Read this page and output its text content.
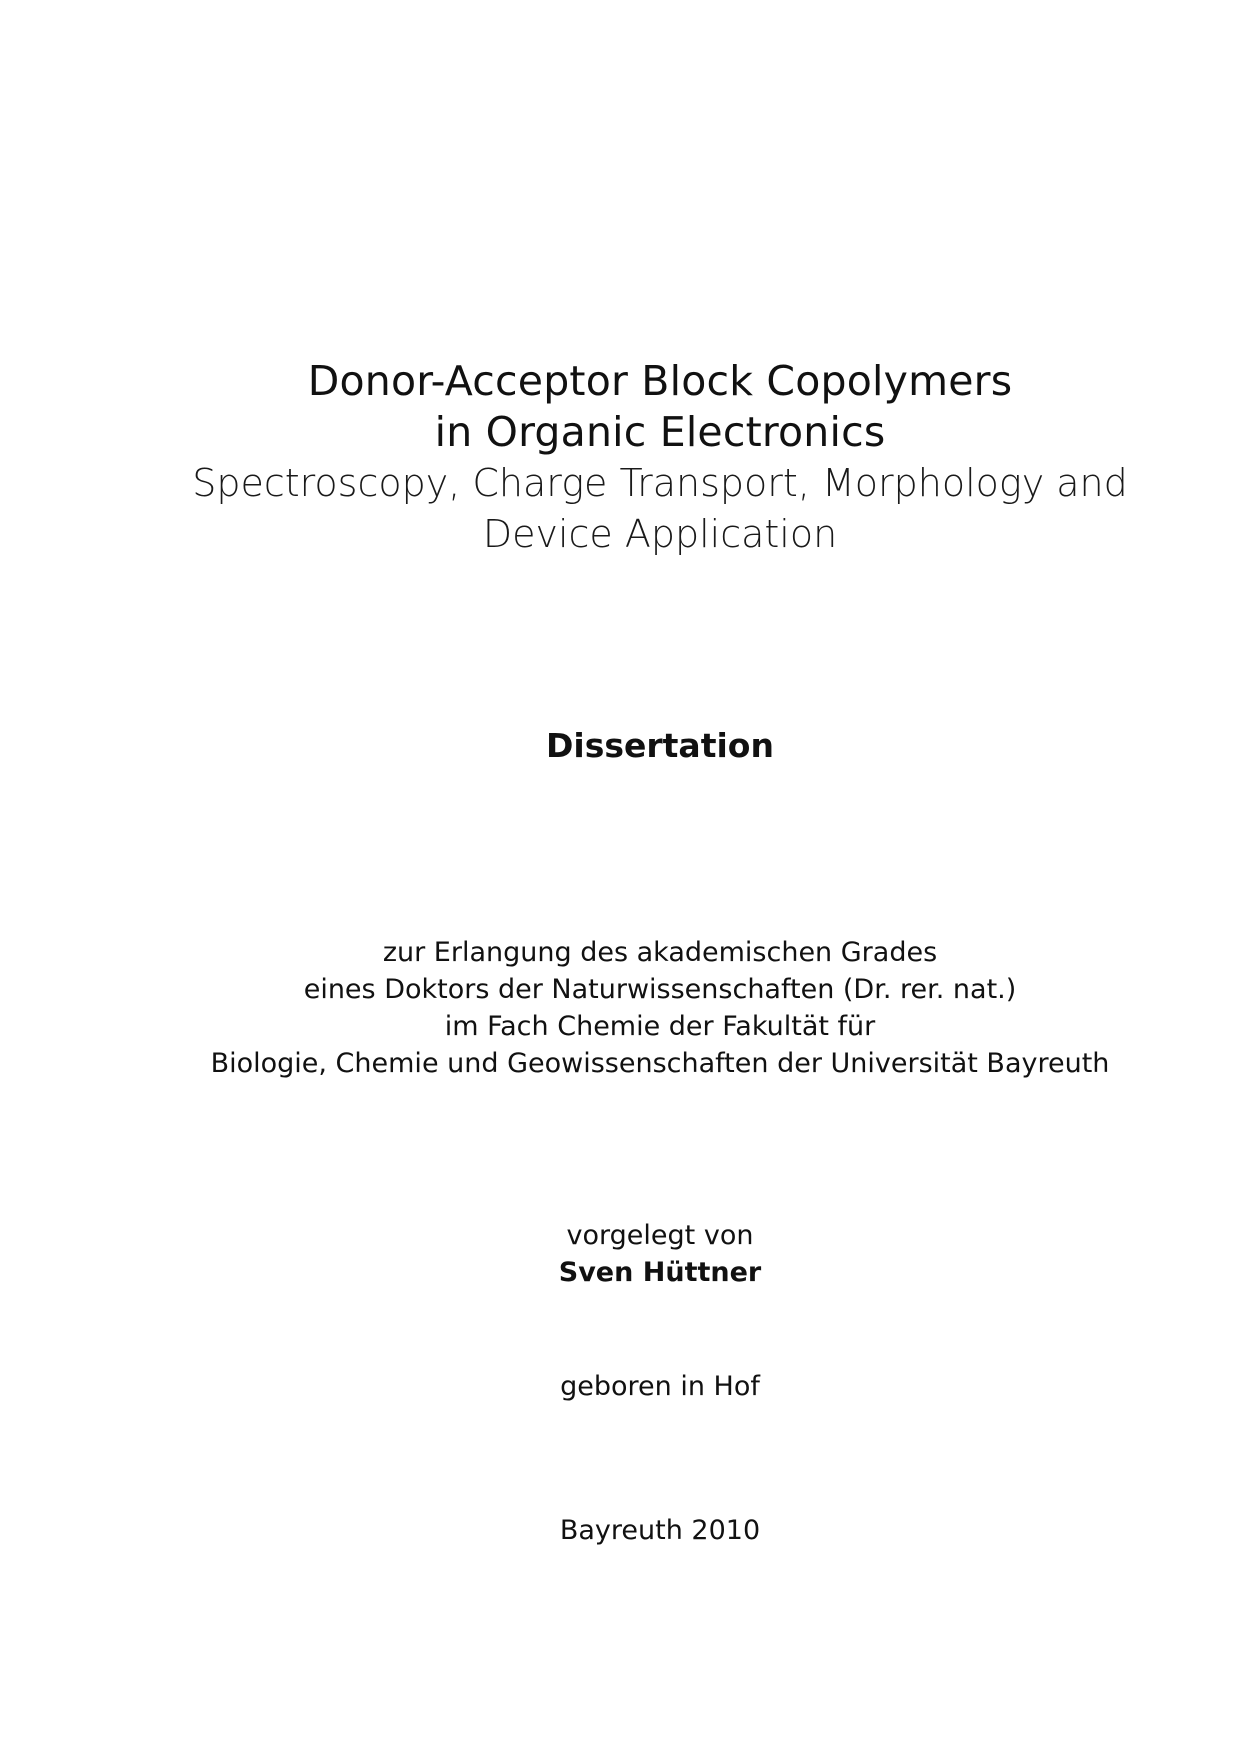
Donor-Acceptor Block Copolymers
in Organic Electronics
Spectroscopy, Charge Transport, Morphology and
Device Application
Dissertation
zur Erlangung des akademischen Grades
eines Doktors der Naturwissenschaften (Dr. rer. nat.)
im Fach Chemie der Fakultät für
Biologie, Chemie und Geowissenschaften der Universität Bayreuth
vorgelegt von
Sven Hüttner
geboren in Hof
Bayreuth 2010
